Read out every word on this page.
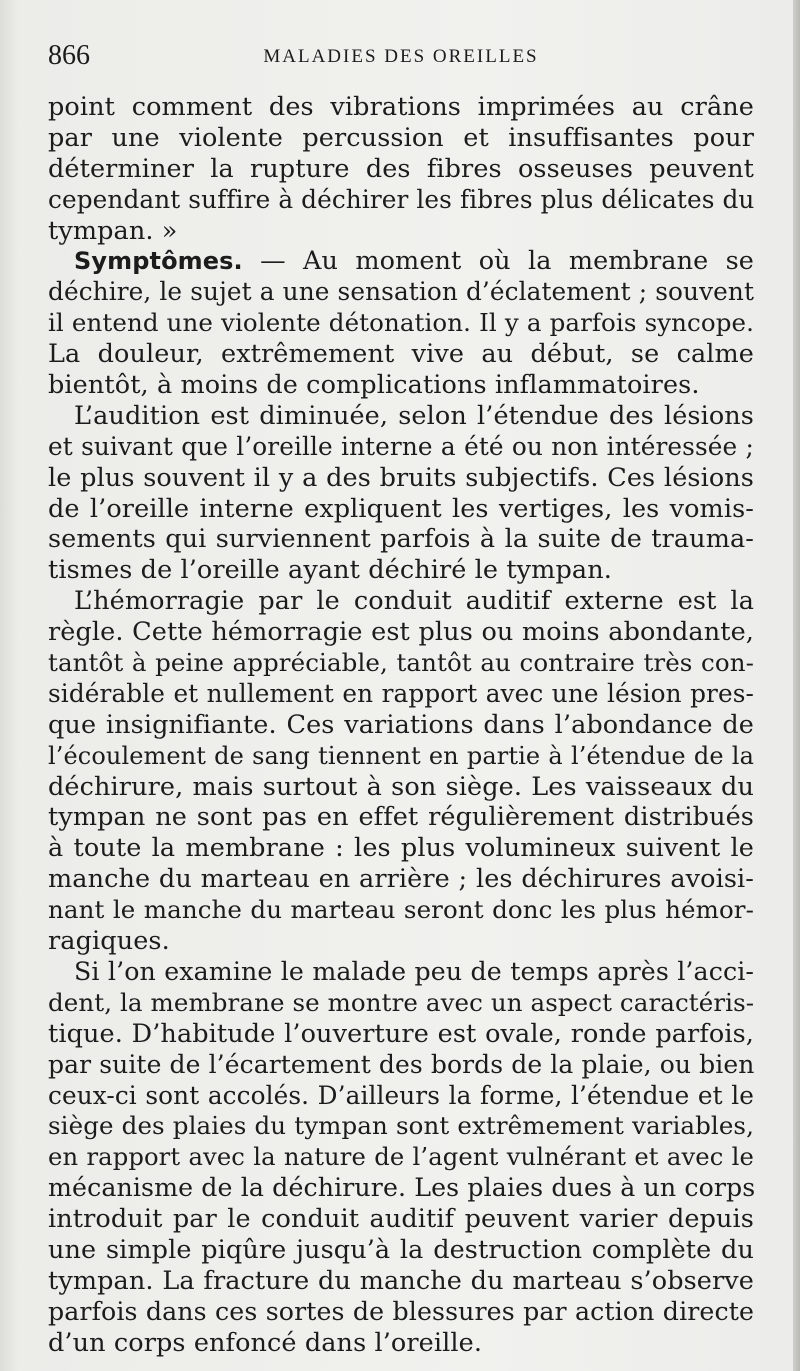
866	MALADIES DES OREILLES
point comment des vibrations imprimées au crâne
par une violente percussion et insuffisantes pour
déterminer la rupture des fibres osseuses peuvent
cependant suffire à déchirer les fibres plus délicates du
tympan. »
Symptômes. — Au moment où la membrane se
déchire, le sujet a une sensation d’éclatement ; souvent
il entend une violente détonation. Il y a parfois syncope.
La douleur, extrêmement vive au début, se calme
bientôt, à moins de complications inflammatoires.
L’audition est diminuée, selon l’étendue des lésions
et suivant que l’oreille interne a été ou non intéressée ;
le plus souvent il y a des bruits subjectifs. Ces lésions
de l’oreille interne expliquent les vertiges, les vomis-
sements qui surviennent parfois à la suite de trauma-
tismes de l’oreille ayant déchiré le tympan.
L’hémorragie par le conduit auditif externe est la
règle. Cette hémorragie est plus ou moins abondante,
tantôt à peine appréciable, tantôt au contraire très con-
sidérable et nullement en rapport avec une lésion pres-
que insignifiante. Ces variations dans l’abondance de
l’écoulement de sang tiennent en partie à l’étendue de la
déchirure, mais surtout à son siège. Les vaisseaux du
tympan ne sont pas en effet régulièrement distribués
à toute la membrane : les plus volumineux suivent le
manche du marteau en arrière ; les déchirures avoisi-
nant le manche du marteau seront donc les plus hémor-
ragiques.
Si l’on examine le malade peu de temps après l’acci-
dent, la membrane se montre avec un aspect caractéris-
tique. D’habitude l’ouverture est ovale, ronde parfois,
par suite de l’écartement des bords de la plaie, ou bien
ceux-ci sont accolés. D’ailleurs la forme, l’étendue et le
siège des plaies du tympan sont extrêmement variables,
en rapport avec la nature de l’agent vulnérant et avec le
mécanisme de la déchirure. Les plaies dues à un corps
introduit par le conduit auditif peuvent varier depuis
une simple piqûre jusqu’à la destruction complète du
tympan. La fracture du manche du marteau s’observe
parfois dans ces sortes de blessures par action directe
d’un corps enfoncé dans l’oreille.
